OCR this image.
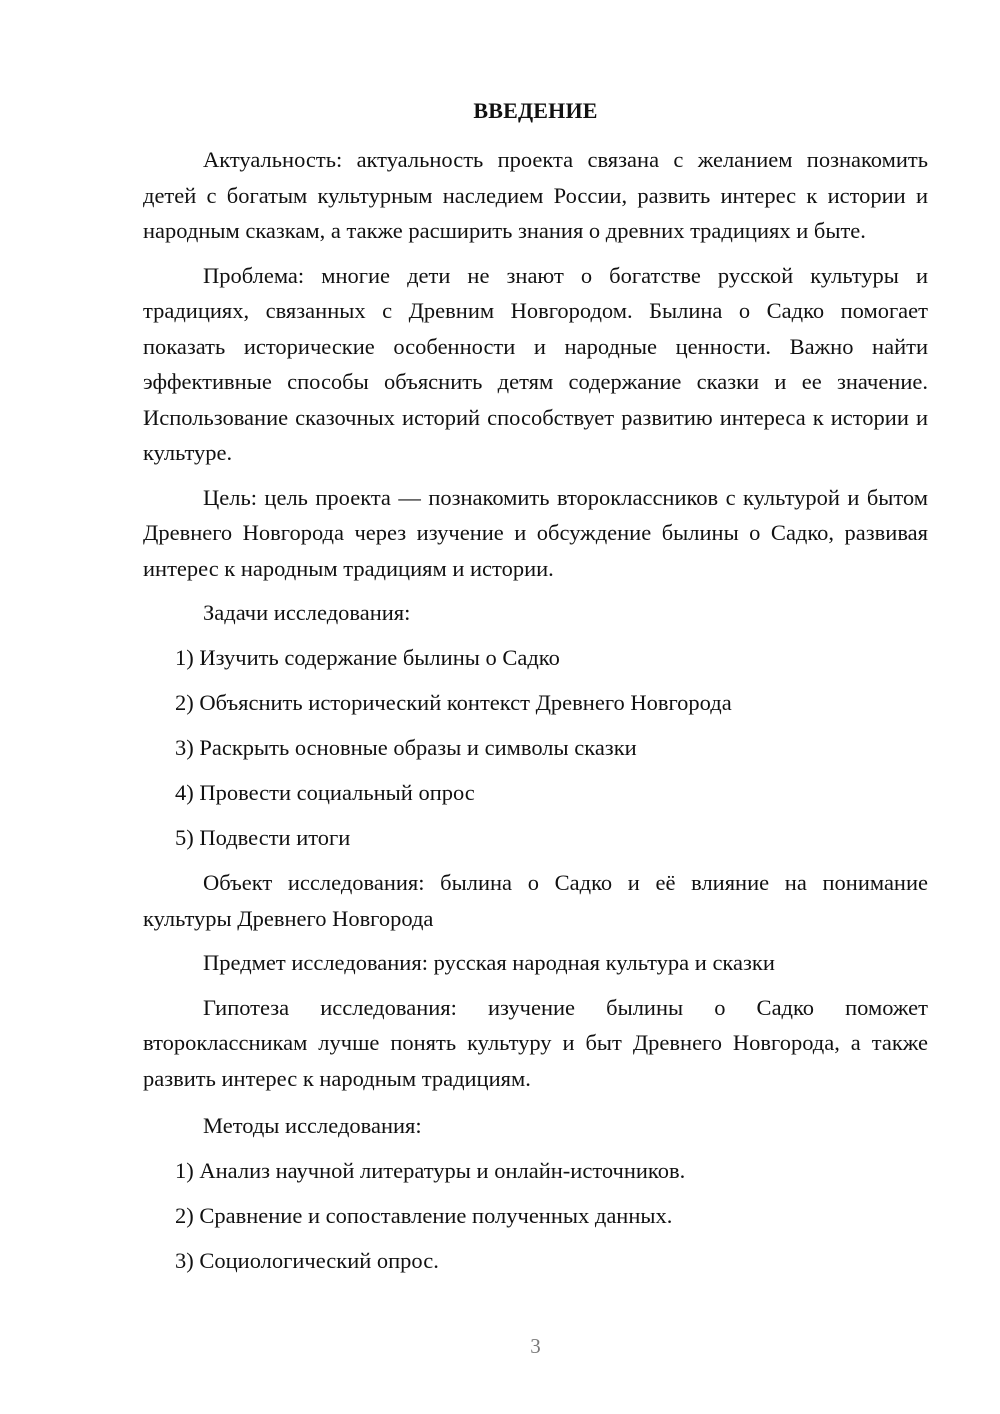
ВВЕДЕНИЕ

Актуальность: актуальность проекта связана с желанием познакомить детей с богатым культурным наследием России, развить интерес к истории и народным сказкам, а также расширить знания о древних традициях и быте.

Проблема: многие дети не знают о богатстве русской культуры и традициях, связанных с Древним Новгородом. Былина о Садко помогает показать исторические особенности и народные ценности. Важно найти эффективные способы объяснить детям содержание сказки и ее значение. Использование сказочных историй способствует развитию интереса к истории и культуре.

Цель: цель проекта — познакомить второклассников с культурой и бытом Древнего Новгорода через изучение и обсуждение былины о Садко, развивая интерес к народным традициям и истории.

Задачи исследования:

1) Изучить содержание былины о Садко

2) Объяснить исторический контекст Древнего Новгорода

3) Раскрыть основные образы и символы сказки

4) Провести социальный опрос

5) Подвести итоги

Объект исследования: былина о Садко и её влияние на понимание культуры Древнего Новгорода

Предмет исследования: русская народная культура и сказки

Гипотеза исследования: изучение былины о Садко поможет второклассникам лучше понять культуру и быт Древнего Новгорода, а также развить интерес к народным традициям.

Методы исследования:

1) Анализ научной литературы и онлайн-источников.

2) Сравнение и сопоставление полученных данных.

3) Социологический опрос.

3
